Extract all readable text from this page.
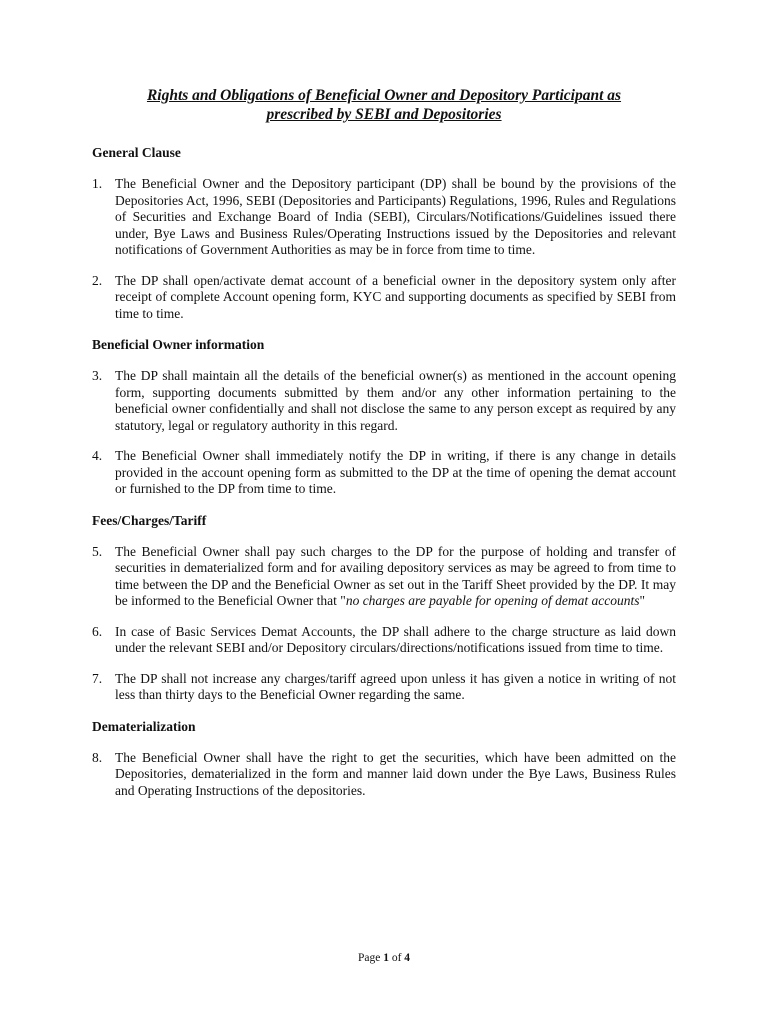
Rights and Obligations of Beneficial Owner and Depository Participant as
prescribed by SEBI and Depositories
General Clause
1. The Beneficial Owner and the Depository participant (DP) shall be bound by the provisions of the Depositories Act, 1996, SEBI (Depositories and Participants) Regulations, 1996, Rules and Regulations of Securities and Exchange Board of India (SEBI), Circulars/Notifications/Guidelines issued there under, Bye Laws and Business Rules/Operating Instructions issued by the Depositories and relevant notifications of Government Authorities as may be in force from time to time.
2. The DP shall open/activate demat account of a beneficial owner in the depository system only after receipt of complete Account opening form, KYC and supporting documents as specified by SEBI from time to time.
Beneficial Owner information
3. The DP shall maintain all the details of the beneficial owner(s) as mentioned in the account opening form, supporting documents submitted by them and/or any other information pertaining to the beneficial owner confidentially and shall not disclose the same to any person except as required by any statutory, legal or regulatory authority in this regard.
4. The Beneficial Owner shall immediately notify the DP in writing, if there is any change in details provided in the account opening form as submitted to the DP at the time of opening the demat account or furnished to the DP from time to time.
Fees/Charges/Tariff
5. The Beneficial Owner shall pay such charges to the DP for the purpose of holding and transfer of securities in dematerialized form and for availing depository services as may be agreed to from time to time between the DP and the Beneficial Owner as set out in the Tariff Sheet provided by the DP. It may be informed to the Beneficial Owner that "no charges are payable for opening of demat accounts"
6. In case of Basic Services Demat Accounts, the DP shall adhere to the charge structure as laid down under the relevant SEBI and/or Depository circulars/directions/notifications issued from time to time.
7. The DP shall not increase any charges/tariff agreed upon unless it has given a notice in writing of not less than thirty days to the Beneficial Owner regarding the same.
Dematerialization
8. The Beneficial Owner shall have the right to get the securities, which have been admitted on the Depositories, dematerialized in the form and manner laid down under the Bye Laws, Business Rules and Operating Instructions of the depositories.
Page 1 of 4
